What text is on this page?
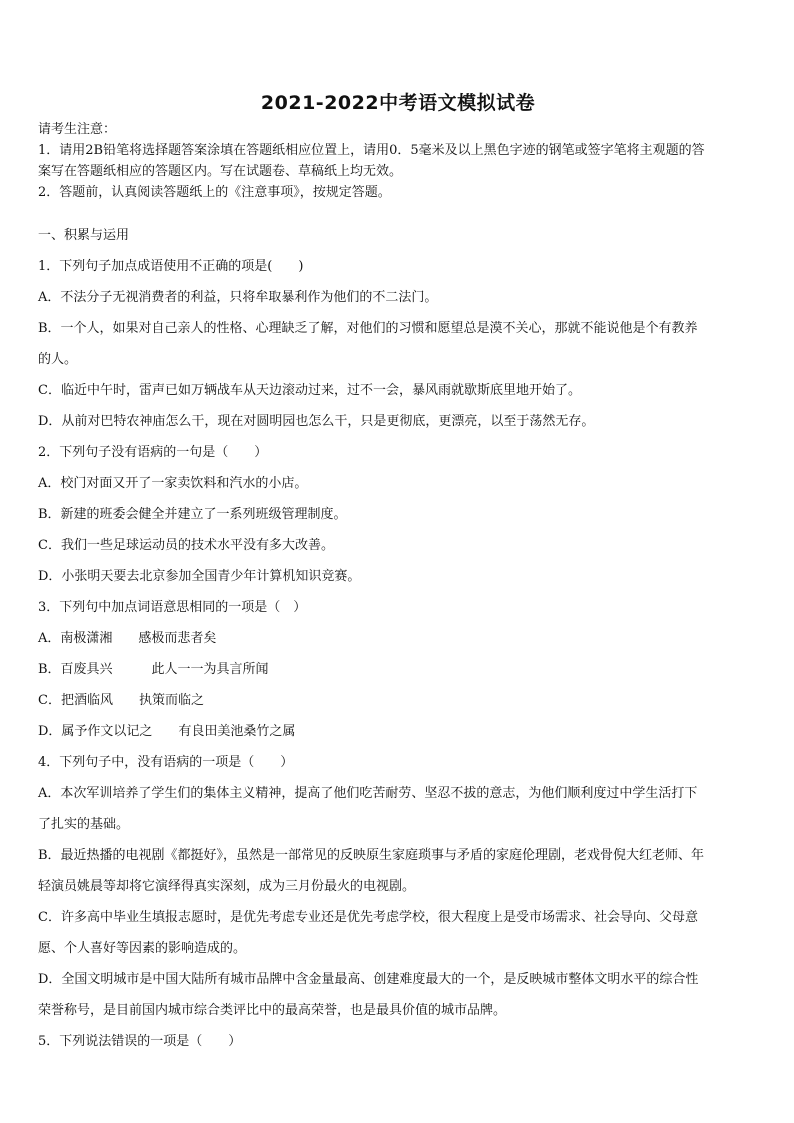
2021-2022中考语文模拟试卷
请考生注意：
1．请用2B铅笔将选择题答案涂填在答题纸相应位置上，请用0．5毫米及以上黑色字迹的钢笔或签字笔将主观题的答
案写在答题纸相应的答题区内。写在试题卷、草稿纸上均无效。
2．答题前，认真阅读答题纸上的《注意事项》，按规定答题。
一、积累与运用
1．下列句子加点成语使用不正确的项是(　　)
A．不法分子无视消费者的利益，只将牟取暴利作为他们的不二法门。
B．一个人，如果对自己亲人的性格、心理缺乏了解，对他们的习惯和愿望总是漠不关心，那就不能说他是个有教养
的人。
C．临近中午时，雷声已如万辆战车从天边滚动过来，过不一会，暴风雨就歇斯底里地开始了。
D．从前对巴特农神庙怎么干，现在对圆明园也怎么干，只是更彻底，更漂亮，以至于荡然无存。
2．下列句子没有语病的一句是（　　）
A．校门对面又开了一家卖饮料和汽水的小店。
B．新建的班委会健全并建立了一系列班级管理制度。
C．我们一些足球运动员的技术水平没有多大改善。
D．小张明天要去北京参加全国青少年计算机知识竞赛。
3．下列句中加点词语意思相同的一项是（　）
A．南极潇湘　　感极而悲者矣
B．百废具兴　　　此人一一为具言所闻
C．把酒临风　　执策而临之
D．属予作文以记之　　有良田美池桑竹之属
4．下列句子中，没有语病的一项是（　　）
A．本次军训培养了学生们的集体主义精神，提高了他们吃苦耐劳、坚忍不拔的意志，为他们顺利度过中学生活打下
了扎实的基础。
B．最近热播的电视剧《都挺好》，虽然是一部常见的反映原生家庭琐事与矛盾的家庭伦理剧，老戏骨倪大红老师、年
轻演员姚晨等却将它演绎得真实深刻，成为三月份最火的电视剧。
C．许多高中毕业生填报志愿时，是优先考虑专业还是优先考虑学校，很大程度上是受市场需求、社会导向、父母意
愿、个人喜好等因素的影响造成的。
D．全国文明城市是中国大陆所有城市品牌中含金量最高、创建难度最大的一个，是反映城市整体文明水平的综合性
荣誉称号，是目前国内城市综合类评比中的最高荣誉，也是最具价值的城市品牌。
5．下列说法错误的一项是（　　）
